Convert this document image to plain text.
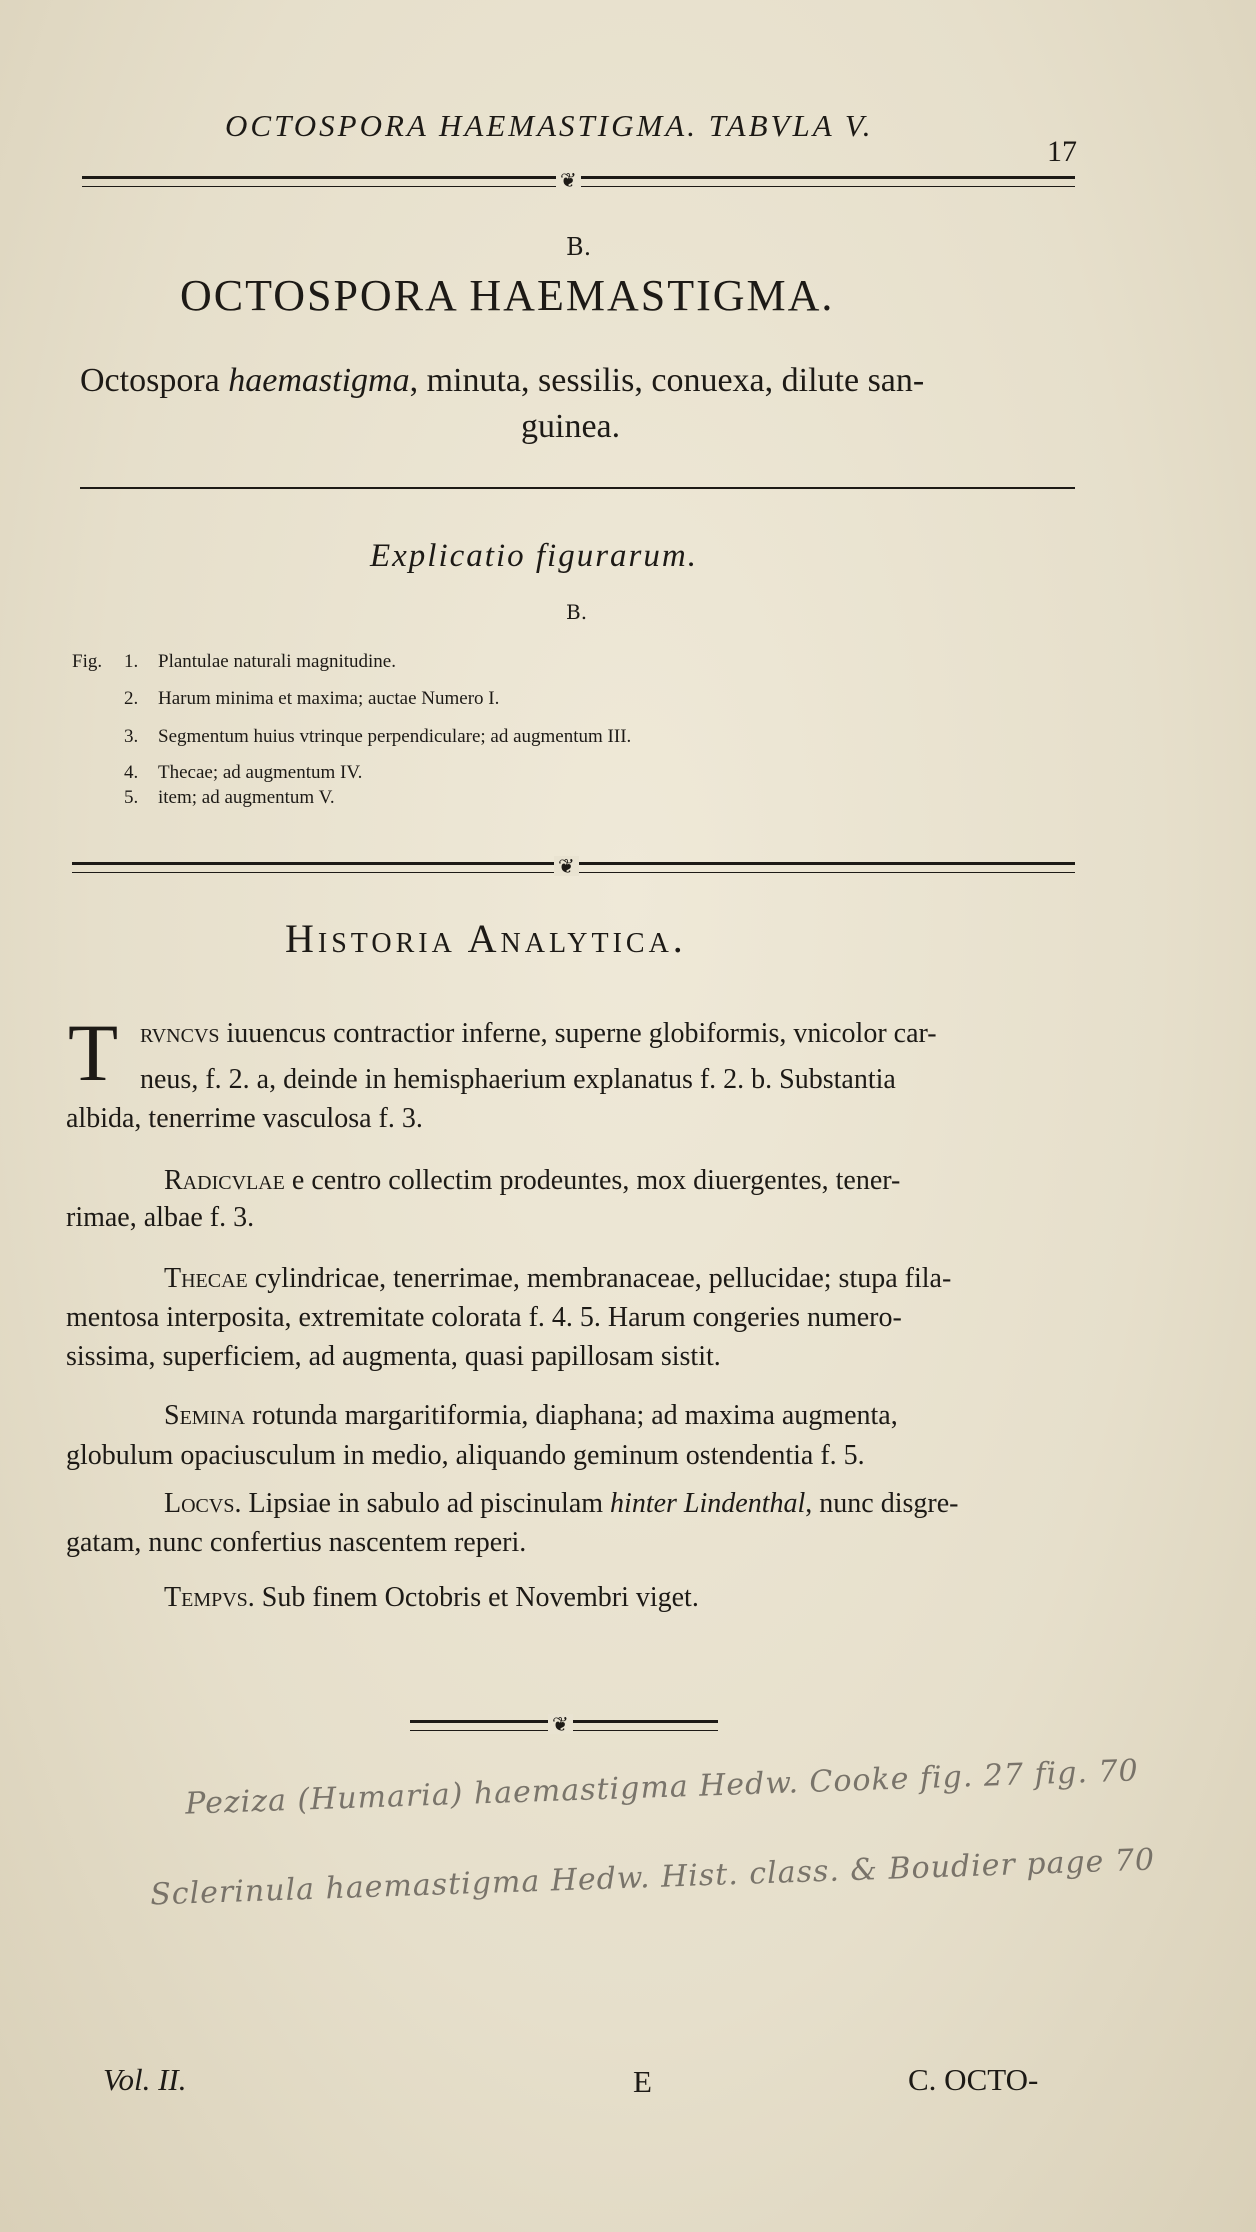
OCTOSPORA HAEMASTIGMA. TABVLA V.
17
❦
B.
OCTOSPORA HAEMASTIGMA.
Octospora haemastigma, minuta, sessilis, conuexa, dilute san-
guinea.
Explicatio figurarum.
B.
Fig. 1. Plantulae naturali magnitudine.
2. Harum minima et maxima; auctae Numero I.
3. Segmentum huius vtrinque perpendiculare; ad augmentum III.
4. Thecae; ad augmentum IV.
5. item; ad augmentum V.
❦
Historia Analytica.
T rvncvs iuuencus contractior inferne, superne globiformis, vnicolor car-
neus, f. 2. a, deinde in hemisphaerium explanatus f. 2. b. Substantia
albida, tenerrime vasculosa f. 3.
Radicvlae e centro collectim prodeuntes, mox diuergentes, tener-
rimae, albae f. 3.
Thecae cylindricae, tenerrimae, membranaceae, pellucidae; stupa fila-
mentosa interposita, extremitate colorata f. 4. 5. Harum congeries numero-
sissima, superficiem, ad augmenta, quasi papillosam sistit.
Semina rotunda margaritiformia, diaphana; ad maxima augmenta,
globulum opaciusculum in medio, aliquando geminum ostendentia f. 5.
Locvs. Lipsiae in sabulo ad piscinulam hinter Lindenthal, nunc disgre-
gatam, nunc confertius nascentem reperi.
Tempvs. Sub finem Octobris et Novembri viget.
❦
Peziza (Humaria) haemastigma Hedw. Cooke fig. 27 fig. 70
Sclerinula haemastigma Hedw. Hist. class. & Boudier page 70
Vol. II.	E	C. OCTO-
